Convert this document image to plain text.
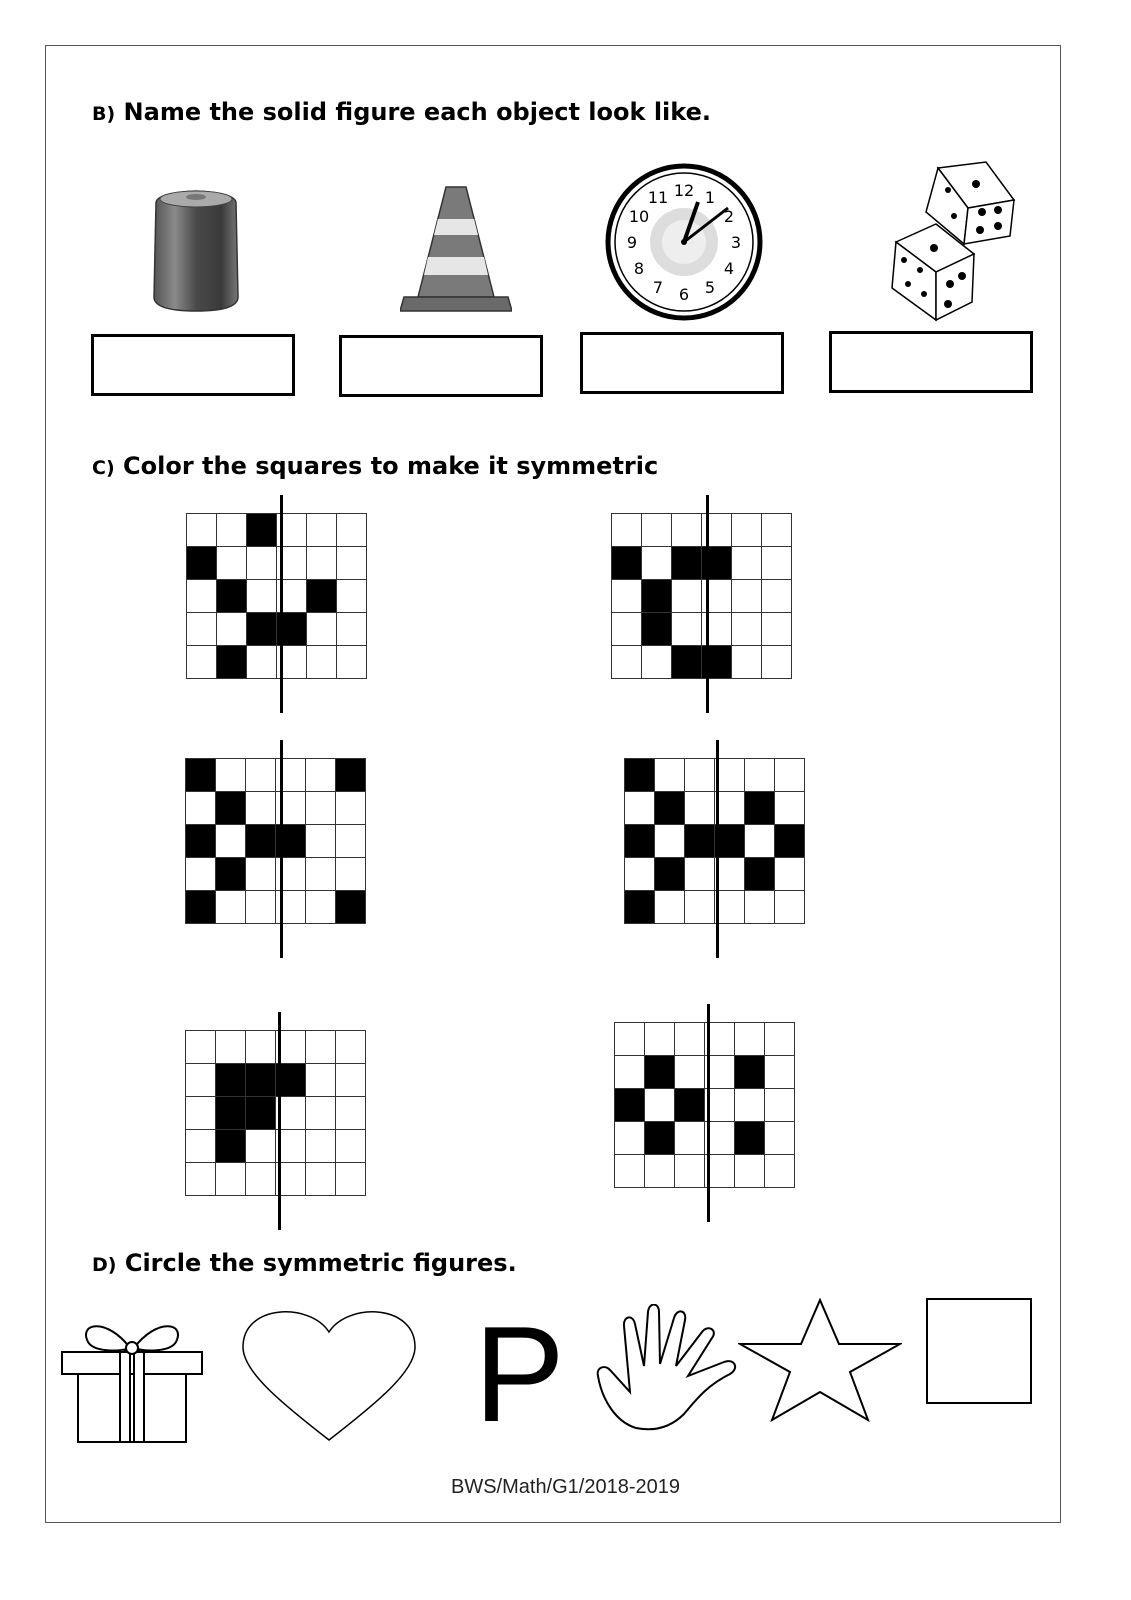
B) Name the solid figure each object look like.
12 1
2
3
4
5
6
7
8
9
10
11
C) Color the squares to make it symmetric

D) Circle the symmetric figures.
P
BWS/Math/G1/2018-2019
